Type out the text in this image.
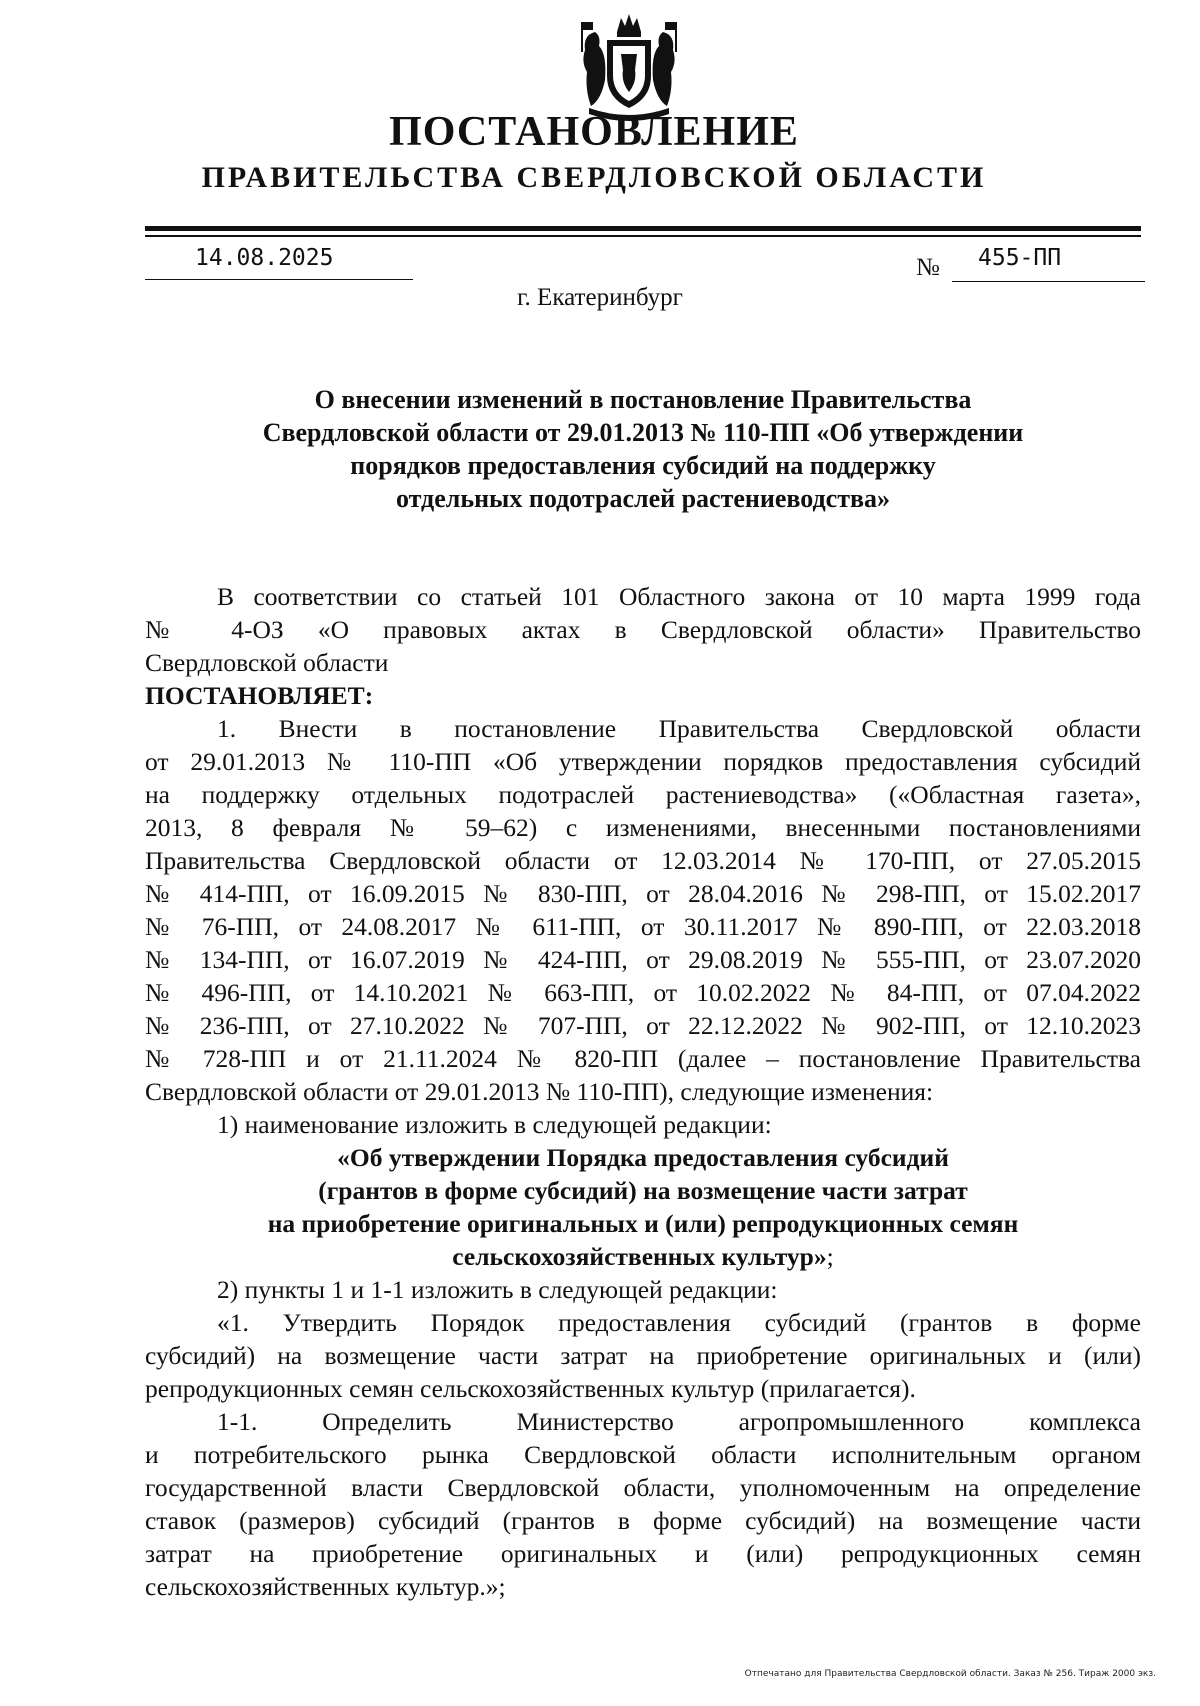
ПОСТАНОВЛЕНИЕ
ПРАВИТЕЛЬСТВА СВЕРДЛОВСКОЙ ОБЛАСТИ
14.08.2025	№ 455-ПП
г. Екатеринбург
О внесении изменений в постановление Правительства
Свердловской области от 29.01.2013 № 110-ПП «Об утверждении
порядков предоставления субсидий на поддержку
отдельных подотраслей растениеводства»
В соответствии со статьей 101 Областного закона от 10 марта 1999 года
№ 4-ОЗ «О правовых актах в Свердловской области» Правительство
Свердловской области
ПОСТАНОВЛЯЕТ:
1. Внести в постановление Правительства Свердловской области
от 29.01.2013 № 110-ПП «Об утверждении порядков предоставления субсидий
на поддержку отдельных подотраслей растениеводства» («Областная газета»,
2013, 8 февраля № 59–62) с изменениями, внесенными постановлениями
Правительства Свердловской области от 12.03.2014 № 170-ПП, от 27.05.2015
№ 414-ПП, от 16.09.2015 № 830-ПП, от 28.04.2016 № 298-ПП, от 15.02.2017
№ 76-ПП, от 24.08.2017 № 611-ПП, от 30.11.2017 № 890-ПП, от 22.03.2018
№ 134-ПП, от 16.07.2019 № 424-ПП, от 29.08.2019 № 555-ПП, от 23.07.2020
№ 496-ПП, от 14.10.2021 № 663-ПП, от 10.02.2022 № 84-ПП, от 07.04.2022
№ 236-ПП, от 27.10.2022 № 707-ПП, от 22.12.2022 № 902-ПП, от 12.10.2023
№ 728-ПП и от 21.11.2024 № 820-ПП (далее – постановление Правительства
Свердловской области от 29.01.2013 № 110-ПП), следующие изменения:
1) наименование изложить в следующей редакции:
«Об утверждении Порядка предоставления субсидий
(грантов в форме субсидий) на возмещение части затрат
на приобретение оригинальных и (или) репродукционных семян
сельскохозяйственных культур»;
2) пункты 1 и 1-1 изложить в следующей редакции:
«1. Утвердить Порядок предоставления субсидий (грантов в форме
субсидий) на возмещение части затрат на приобретение оригинальных и (или)
репродукционных семян сельскохозяйственных культур (прилагается).
1-1. Определить Министерство агропромышленного комплекса
и потребительского рынка Свердловской области исполнительным органом
государственной власти Свердловской области, уполномоченным на определение
ставок (размеров) субсидий (грантов в форме субсидий) на возмещение части
затрат на приобретение оригинальных и (или) репродукционных семян
сельскохозяйственных культур.»;
Отпечатано для Правительства Свердловской области. Заказ № 256. Тираж 2000 экз.
